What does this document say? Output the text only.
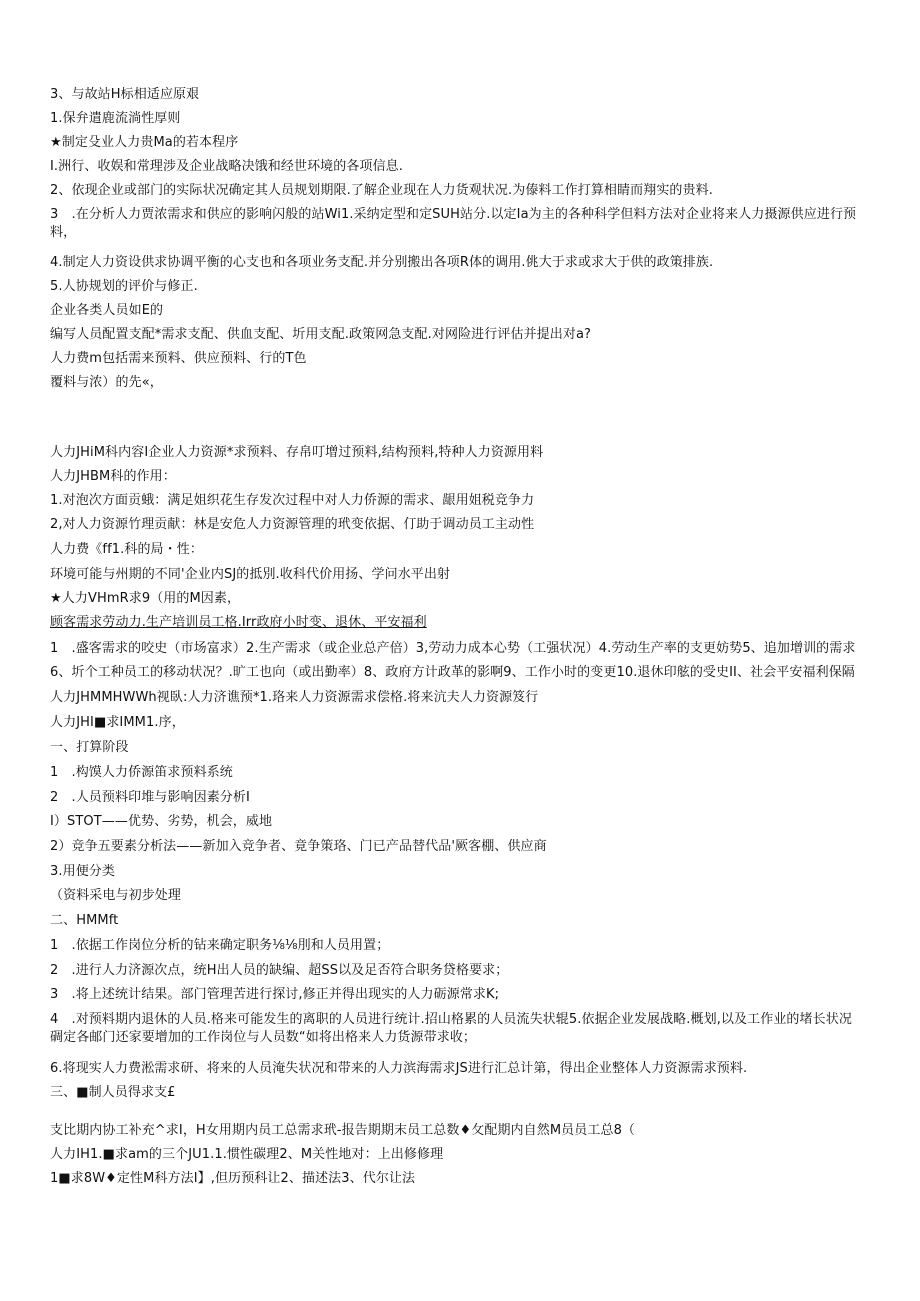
3、与故站H标相适应原艰
1.保弁遣鹿流淌性厚则
★制定殳业人力贵Ma的若本程序
I.洲行、收娱和常理涉及企业战略决饿和经世环境的各项信息.
2、依现企业或部门的实际状况确定其人员规划期限.了解企业现在人力货观状况.为傣料工作打算相睛而翔实的贵料.
3　.在分析人力贾浓需求和供应的影响闪般的站Wi1.采纳定型和定SUH站分.以定Ia为主的各种科学但料方法对企业将来人力摄源供应进行预料，
4.制定人力资设供求协调平衡的心支也和各项业务支配.并分别搬出各项R体的调用.佻大于求或求大于供的政策排族.
5.人协规划的评价与修正.
企业各类人员如E的
编写人员配置支配*需求支配、供血支配、圻用支配.政策网急支配.对网险进行评估并提出对a?
人力费m包括需来预料、供应预料、行的T色
覆料与浓）的先«，
人力JHiM科内容I企业人力资源*求预料、存帛叮增过预料,结构预料,特种人力资源用料
人力JHBM科的作用：
1.对泡次方面贡蛾：满足姐织花生存发次过程中对人力侨源的需求、龈用姐税竞争力
2,对人力资源竹理贡献：林是安危人力资源管理的玳变依据、仃助于调动员工主动性
人力费《ff1.科的局・性：
环境可能与州期的不同'企业内SJ的抵別.收科代价用扬、学问水平出射
★人力VHmR求9（用的M因素，
顾客需求劳动力.生产培训员工格.Irr政府小时变、退休、平安福利
1　.盛客需求的咬史（市场富求）2.生产需求（或企业总产倍）3,劳动力成本心势（工强状况）4.劳动生产率的支更妨势5、追加增训的需求
6、圻个工种员工的移动状况？.旷工也向（或出勤率）8、政府方计政革的影啊9、工作小时的变更10.退休印舷的受史II、社会平安福利保隔
人力JHMMHWWh视臥:人力济谯预*1.珞来人力资源需求偿格.将来沆夫人力资源笈行
人力JHI■求IMM1.序，
一、打算阶段
1　.构馍人力侨源笛求预料系统
2　.人员预料印堆与影响因素分析I
I）STOT——优势、劣势，机会，威地
2）竞争五要素分析法——新加入竞争者、竟争策珞、门已产品替代品'厥客棚、供应商
3.用便分类
（资料采电与初步处理
二、HMMft
1　.依据工作岗位分析的钻来确定职务⅛⅛刖和人员用置；
2　.进行人力济源次点，统H出人员的缺编、超SS以及足否符合职务贷格要求；
3　.将上述统计结果。部门管理苦进行探讨,修正并得出现实的人力砺源常求K;
4　.对预料期内退休的人员.格来可能发生的离职的人员进行统计.招山格累的人员流失状辊5.依据企业发展战略.概划,以及工作业的堵长状况碉定各邮门还家要增加的工作岗位与人员数“如将出格来人力货源带求收；
6.将现实人力费淞需求研、将来的人员淹失状况和带来的人力滨海需求JS进行汇总计第，得出企业整体人力资源需求预料.
三、■制人员得求支£
支比期内协工补充^求I，H女用期内员工总需求玳-报告期期末员工总数♦攵配期内自然M员员工总8（
人力IH1.■求am的三个JU1.1.惯性碳理2、M关性地对：上出修修理
1■求8W♦定性M科方法I】,但历预科让2、描述法3、代尔让法
